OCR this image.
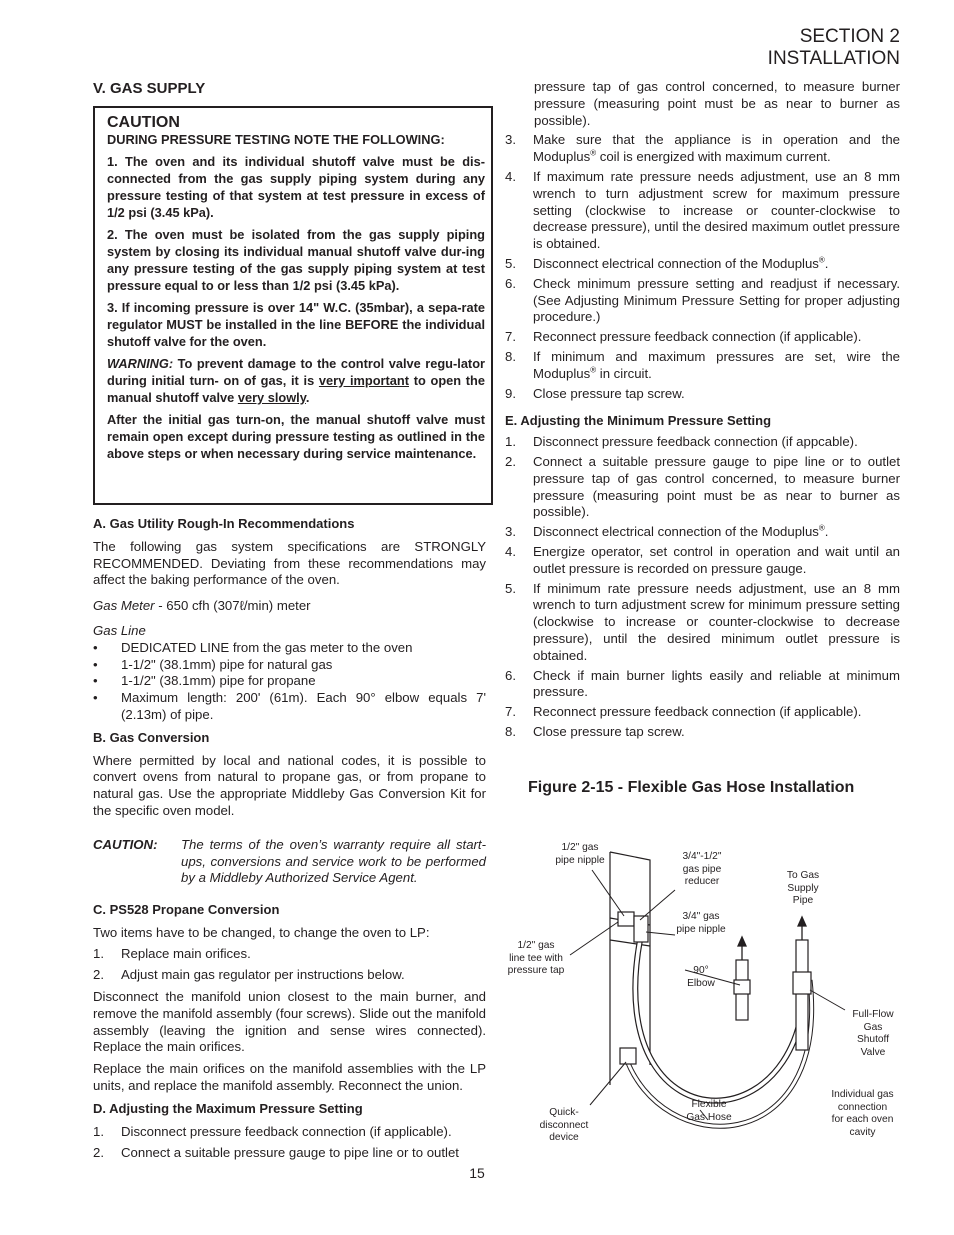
SECTION 2
INSTALLATION
V. GAS SUPPLY

CAUTION

DURING PRESSURE TESTING NOTE THE FOLLOWING:

1. The oven and its individual shutoff valve must be dis-connected from the gas supply piping system during any pressure testing of that system at test pressure in excess of 1/2 psi (3.45 kPa).

2. The oven must be isolated from the gas supply piping system by closing its individual manual shutoff valve dur-ing any pressure testing of the gas supply piping system at test pressure equal to or less than 1/2 psi (3.45 kPa).

3. If incoming pressure is over 14" W.C. (35mbar), a sepa-rate regulator MUST be installed in the line BEFORE the individual shutoff valve for the oven.

WARNING: To prevent damage to the control valve regu-lator during initial turn- on of gas, it is very important to open the manual shutoff valve very slowly.

After the initial gas turn-on, the manual shutoff valve must remain open except during pressure testing as outlined in the above steps or when necessary during service maintenance.

A. Gas Utility Rough-In Recommendations

The following gas system specifications are STRONGLY RECOMMENDED. Deviating from these recommendations may affect the baking performance of the oven.

Gas Meter - 650 cfh (307ℓ/min) meter

Gas Line

• DEDICATED LINE from the gas meter to the oven
• 1-1/2" (38.1mm) pipe for natural gas
• 1-1/2" (38.1mm) pipe for propane
• Maximum length: 200' (61m). Each 90° elbow equals 7' (2.13m) of pipe.

B. Gas Conversion

Where permitted by local and national codes, it is possible to convert ovens from natural to propane gas, or from propane to natural gas. Use the appropriate Middleby Gas Conversion Kit for the specific oven model.

CAUTION: The terms of the oven’s warranty require all start-ups, conversions and service work to be performed by a Middleby Authorized Service Agent.

C. PS528 Propane Conversion

Two items have to be changed, to change the oven to LP:

1. Replace main orifices.
2. Adjust main gas regulator per instructions below.

Disconnect the manifold union closest to the main burner, and remove the manifold assembly (four screws). Slide out the manifold assembly (leaving the ignition and sense wires connected). Replace the main orifices.

Replace the main orifices on the manifold assemblies with the LP units, and replace the manifold assembly. Reconnect the union.

D. Adjusting the Maximum Pressure Setting

1. Disconnect pressure feedback connection (if applicable).
2. Connect a suitable pressure gauge to pipe line or to outlet

pressure tap of gas control concerned, to measure burner pressure (measuring point must be as near to burner as possible).

3. Make sure that the appliance is in operation and the Moduplus® coil is energized with maximum current.
4. If maximum rate pressure needs adjustment, use an 8 mm wrench to turn adjustment screw for maximum pressure setting (clockwise to increase or counter-clockwise to decrease pressure), until the desired maximum outlet pressure is obtained.
5. Disconnect electrical connection of the Moduplus®.
6. Check minimum pressure setting and readjust if necessary. (See Adjusting Minimum Pressure Setting for proper adjusting procedure.)
7. Reconnect pressure feedback connection (if applicable).
8. If minimum and maximum pressures are set, wire the Moduplus® in circuit.
9. Close pressure tap screw.

E. Adjusting the Minimum Pressure Setting

1. Disconnect pressure feedback connection (if appcable).
2. Connect a suitable pressure gauge to pipe line or to outlet pressure tap of gas control concerned, to measure burner pressure (measuring point must be as near to burner as possible).
3. Disconnect electrical connection of the Moduplus®.
4. Energize operator, set control in operation and wait until an outlet pressure is recorded on pressure gauge.
5. If minimum rate pressure needs adjustment, use an 8 mm wrench to turn adjustment screw for minimum pressure setting (clockwise to increase or counter-clockwise to decrease pressure), until the desired minimum outlet pressure is obtained.
6. Check if main burner lights easily and reliable at minimum pressure.
7. Reconnect pressure feedback connection (if applicable).
8. Close pressure tap screw.
Figure 2-15 - Flexible Gas Hose Installation
1/2" gas
pipe nipple	3/4"-1/2"
gas pipe
reducer
To Gas
Supply
Pipe
3/4" gas
pipe nipple
1/2" gas
line tee with
pressure tap	90°
Elbow
Full-Flow
Gas
Shutoff
Valve
Individual gas
connection
for each oven
cavity
Flexible
Gas Hose
Quick-
disconnect
device
15
